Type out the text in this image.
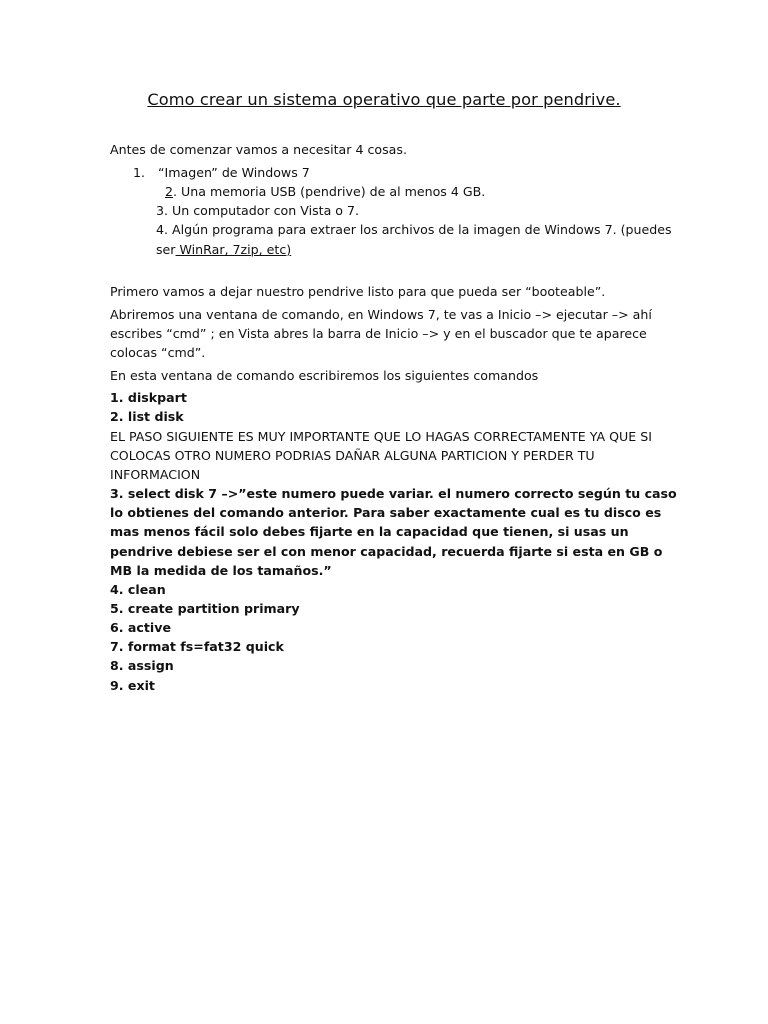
Como crear un sistema operativo que parte por pendrive.
Antes de comenzar vamos a necesitar 4 cosas.
1. “Imagen” de Windows 7
2. Una memoria USB (pendrive) de al menos 4 GB.
3. Un computador con Vista o 7.
4. Algún programa para extraer los archivos de la imagen de Windows 7. (puedes
ser WinRar, 7zip, etc)
Primero vamos a dejar nuestro pendrive listo para que pueda ser “booteable”.
Abriremos una ventana de comando, en Windows 7, te vas a Inicio –> ejecutar –> ahí
escribes “cmd” ; en Vista abres la barra de Inicio –> y en el buscador que te aparece
colocas “cmd”.
En esta ventana de comando escribiremos los siguientes comandos
1. diskpart
2. list disk
EL PASO SIGUIENTE ES MUY IMPORTANTE QUE LO HAGAS CORRECTAMENTE YA QUE SI
COLOCAS OTRO NUMERO PODRIAS DAÑAR ALGUNA PARTICION Y PERDER TU
INFORMACION
3. select disk 7 –>”este numero puede variar. el numero correcto según tu caso
lo obtienes del comando anterior. Para saber exactamente cual es tu disco es
mas menos fácil solo debes fijarte en la capacidad que tienen, si usas un
pendrive debiese ser el con menor capacidad, recuerda fijarte si esta en GB o
MB la medida de los tamaños.”
4. clean
5. create partition primary
6. active
7. format fs=fat32 quick
8. assign
9. exit
